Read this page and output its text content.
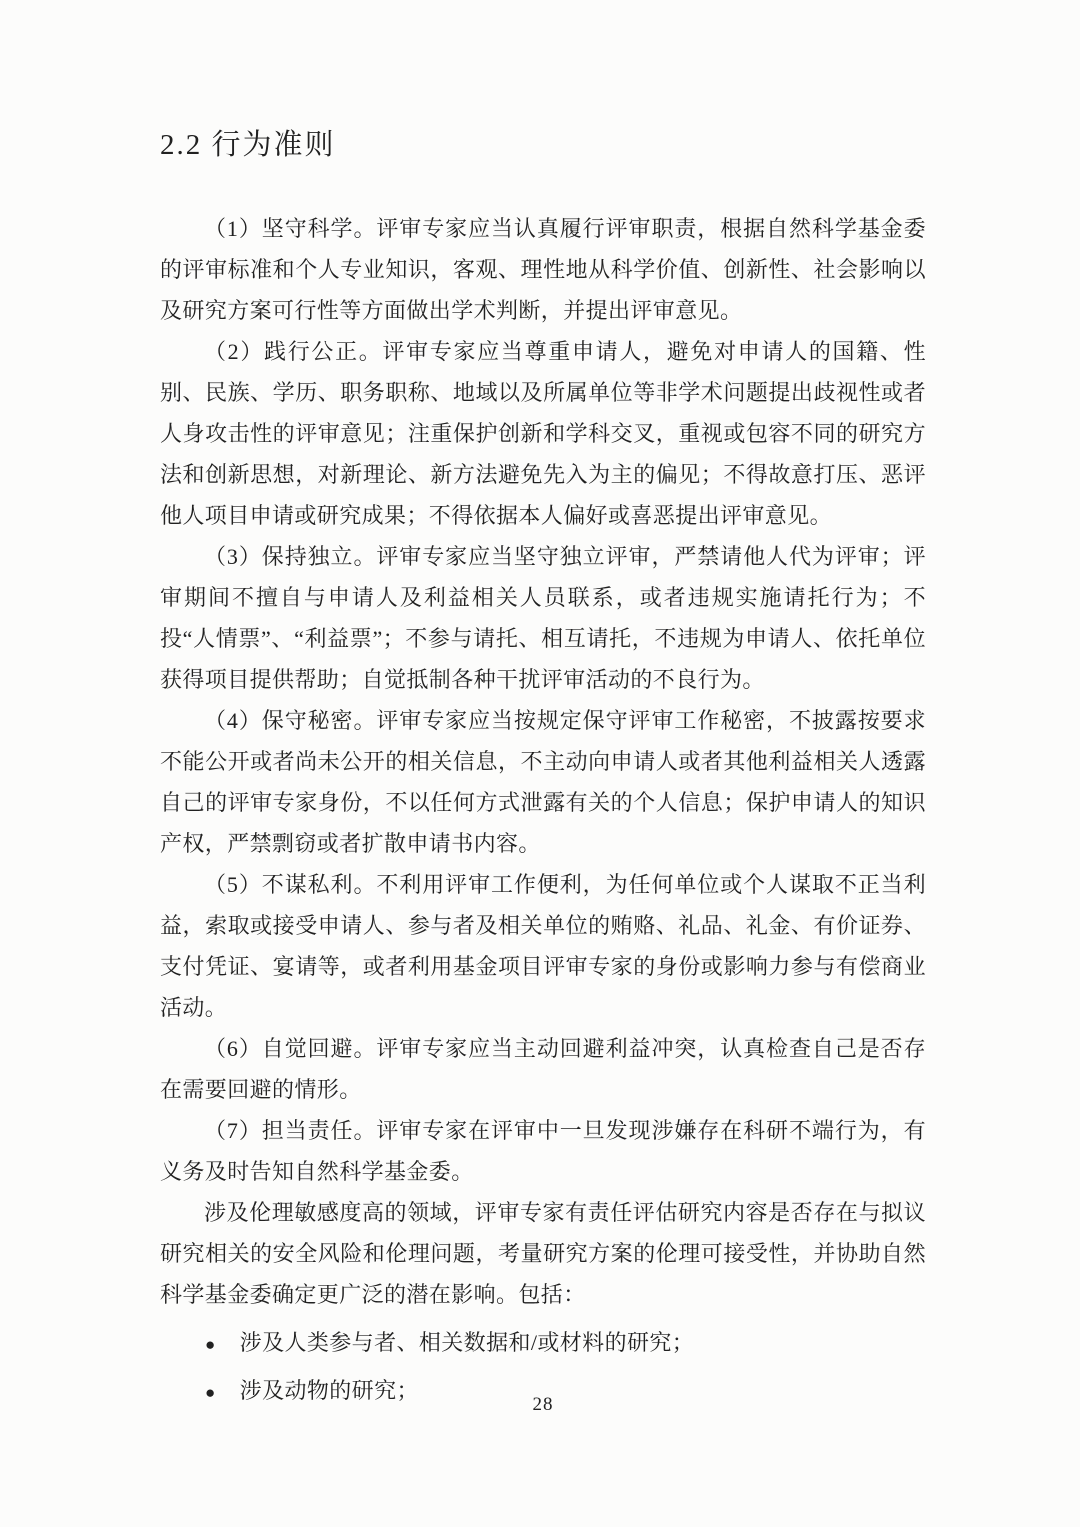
2.2 行为准则

（1）坚守科学。评审专家应当认真履行评审职责，根据自然科学基金委的评审标准和个人专业知识，客观、理性地从科学价值、创新性、社会影响以及研究方案可行性等方面做出学术判断，并提出评审意见。

（2）践行公正。评审专家应当尊重申请人，避免对申请人的国籍、性别、民族、学历、职务职称、地域以及所属单位等非学术问题提出歧视性或者人身攻击性的评审意见；注重保护创新和学科交叉，重视或包容不同的研究方法和创新思想，对新理论、新方法避免先入为主的偏见；不得故意打压、恶评他人项目申请或研究成果；不得依据本人偏好或喜恶提出评审意见。

（3）保持独立。评审专家应当坚守独立评审，严禁请他人代为评审；评审期间不擅自与申请人及利益相关人员联系，或者违规实施请托行为；不投“人情票”、“利益票”；不参与请托、相互请托，不违规为申请人、依托单位获得项目提供帮助；自觉抵制各种干扰评审活动的不良行为。

（4）保守秘密。评审专家应当按规定保守评审工作秘密，不披露按要求不能公开或者尚未公开的相关信息，不主动向申请人或者其他利益相关人透露自己的评审专家身份，不以任何方式泄露有关的个人信息；保护申请人的知识产权，严禁剽窃或者扩散申请书内容。

（5）不谋私利。不利用评审工作便利，为任何单位或个人谋取不正当利益，索取或接受申请人、参与者及相关单位的贿赂、礼品、礼金、有价证券、支付凭证、宴请等，或者利用基金项目评审专家的身份或影响力参与有偿商业活动。

（6）自觉回避。评审专家应当主动回避利益冲突，认真检查自己是否存在需要回避的情形。

（7）担当责任。评审专家在评审中一旦发现涉嫌存在科研不端行为，有义务及时告知自然科学基金委。

涉及伦理敏感度高的领域，评审专家有责任评估研究内容是否存在与拟议研究相关的安全风险和伦理问题，考量研究方案的伦理可接受性，并协助自然科学基金委确定更广泛的潜在影响。包括：

● 涉及人类参与者、相关数据和/或材料的研究；
● 涉及动物的研究；
28
